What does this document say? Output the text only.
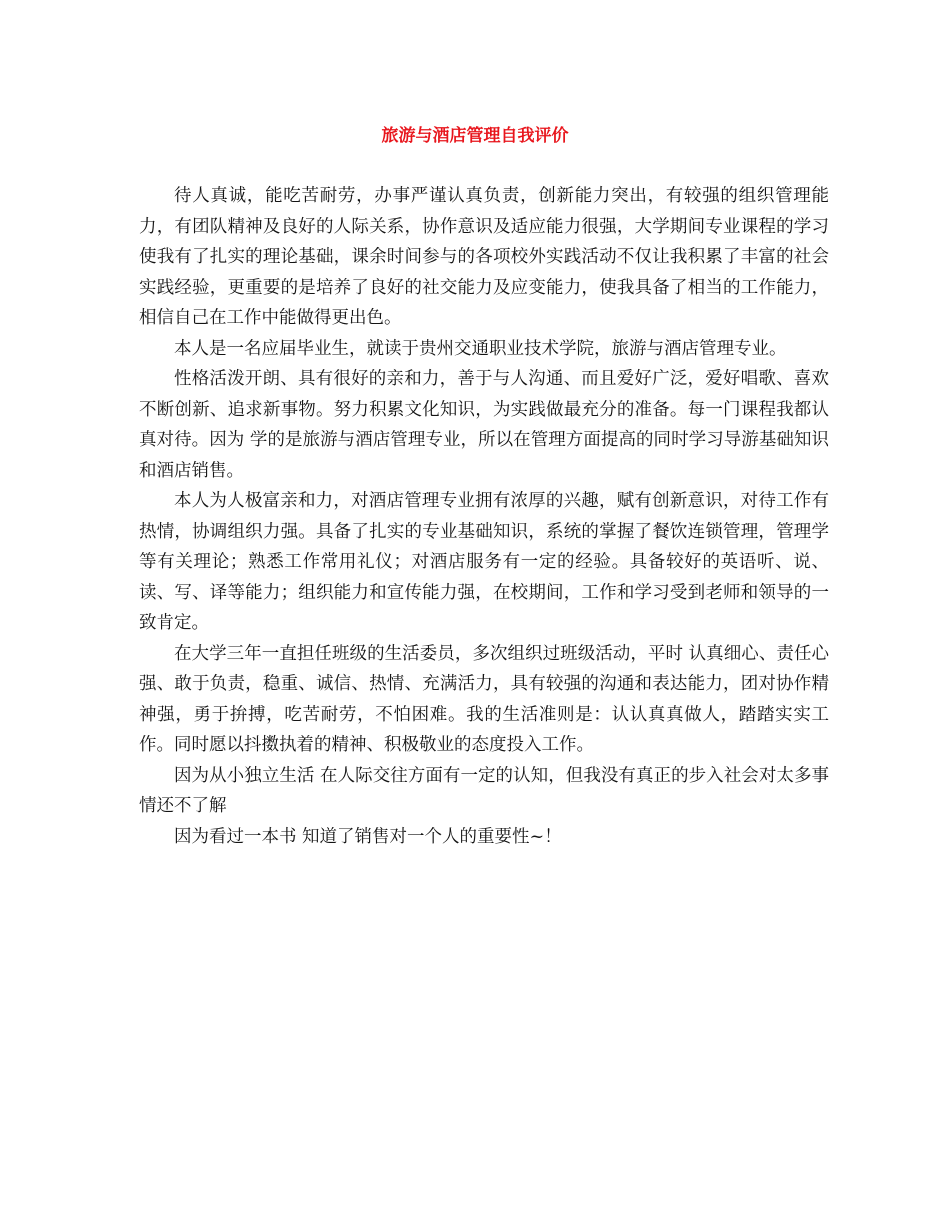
旅游与酒店管理自我评价

待人真诚，能吃苦耐劳，办事严谨认真负责，创新能力突出，有较强的组织管理能力，有团队精神及良好的人际关系，协作意识及适应能力很强，大学期间专业课程的学习使我有了扎实的理论基础，课余时间参与的各项校外实践活动不仅让我积累了丰富的社会实践经验，更重要的是培养了良好的社交能力及应变能力，使我具备了相当的工作能力，相信自己在工作中能做得更出色。

本人是一名应届毕业生，就读于贵州交通职业技术学院，旅游与酒店管理专业。

性格活泼开朗、具有很好的亲和力，善于与人沟通、而且爱好广泛，爱好唱歌、喜欢不断创新、追求新事物。努力积累文化知识，为实践做最充分的准备。每一门课程我都认真对待。因为 学的是旅游与酒店管理专业，所以在管理方面提高的同时学习导游基础知识和酒店销售。

本人为人极富亲和力，对酒店管理专业拥有浓厚的兴趣，赋有创新意识，对待工作有热情，协调组织力强。具备了扎实的专业基础知识，系统的掌握了餐饮连锁管理，管理学等有关理论；熟悉工作常用礼仪；对酒店服务有一定的经验。具备较好的英语听、说、读、写、译等能力；组织能力和宣传能力强，在校期间，工作和学习受到老师和领导的一致肯定。

在大学三年一直担任班级的生活委员，多次组织过班级活动，平时 认真细心、责任心强、敢于负责，稳重、诚信、热情、充满活力，具有较强的沟通和表达能力，团对协作精神强，勇于拚搏，吃苦耐劳，不怕困难。我的生活准则是：认认真真做人，踏踏实实工作。同时愿以抖擞执着的精神、积极敬业的态度投入工作。

因为从小独立生活 在人际交往方面有一定的认知，但我没有真正的步入社会对太多事情还不了解

因为看过一本书 知道了销售对一个人的重要性~！
